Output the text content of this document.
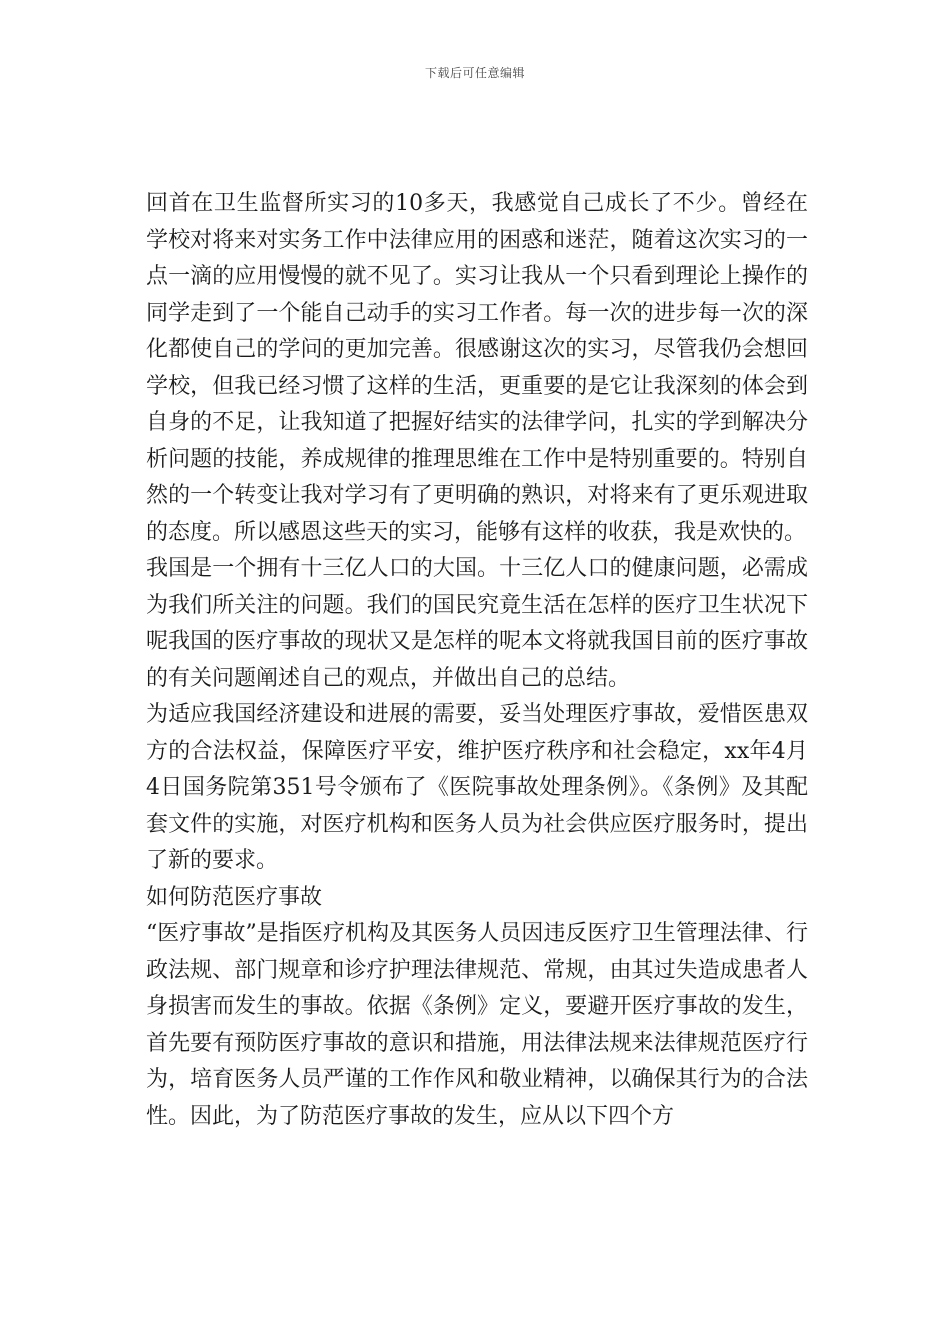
下载后可任意编辑

回首在卫生监督所实习的10多天，我感觉自己成长了不少。曾经在学校对将来对实务工作中法律应用的困惑和迷茫，随着这次实习的一点一滴的应用慢慢的就不见了。实习让我从一个只看到理论上操作的同学走到了一个能自己动手的实习工作者。每一次的进步每一次的深化都使自己的学问的更加完善。很感谢这次的实习，尽管我仍会想回学校，但我已经习惯了这样的生活，更重要的是它让我深刻的体会到自身的不足，让我知道了把握好结实的法律学问，扎实的学到解决分析问题的技能，养成规律的推理思维在工作中是特别重要的。特别自然的一个转变让我对学习有了更明确的熟识，对将来有了更乐观进取的态度。所以感恩这些天的实习，能够有这样的收获，我是欢快的。

我国是一个拥有十三亿人口的大国。十三亿人口的健康问题，必需成为我们所关注的问题。我们的国民究竟生活在怎样的医疗卫生状况下呢我国的医疗事故的现状又是怎样的呢本文将就我国目前的医疗事故的有关问题阐述自己的观点，并做出自己的总结。

为适应我国经济建设和进展的需要，妥当处理医疗事故，爱惜医患双方的合法权益，保障医疗平安，维护医疗秩序和社会稳定，xx年4月4日国务院第351号令颁布了《医院事故处理条例》。《条例》及其配套文件的实施，对医疗机构和医务人员为社会供应医疗服务时，提出了新的要求。

如何防范医疗事故

“医疗事故”是指医疗机构及其医务人员因违反医疗卫生管理法律、行政法规、部门规章和诊疗护理法律规范、常规，由其过失造成患者人身损害而发生的事故。依据《条例》定义，要避开医疗事故的发生，首先要有预防医疗事故的意识和措施，用法律法规来法律规范医疗行为，培育医务人员严谨的工作作风和敬业精神，以确保其行为的合法性。因此，为了防范医疗事故的发生，应从以下四个方
